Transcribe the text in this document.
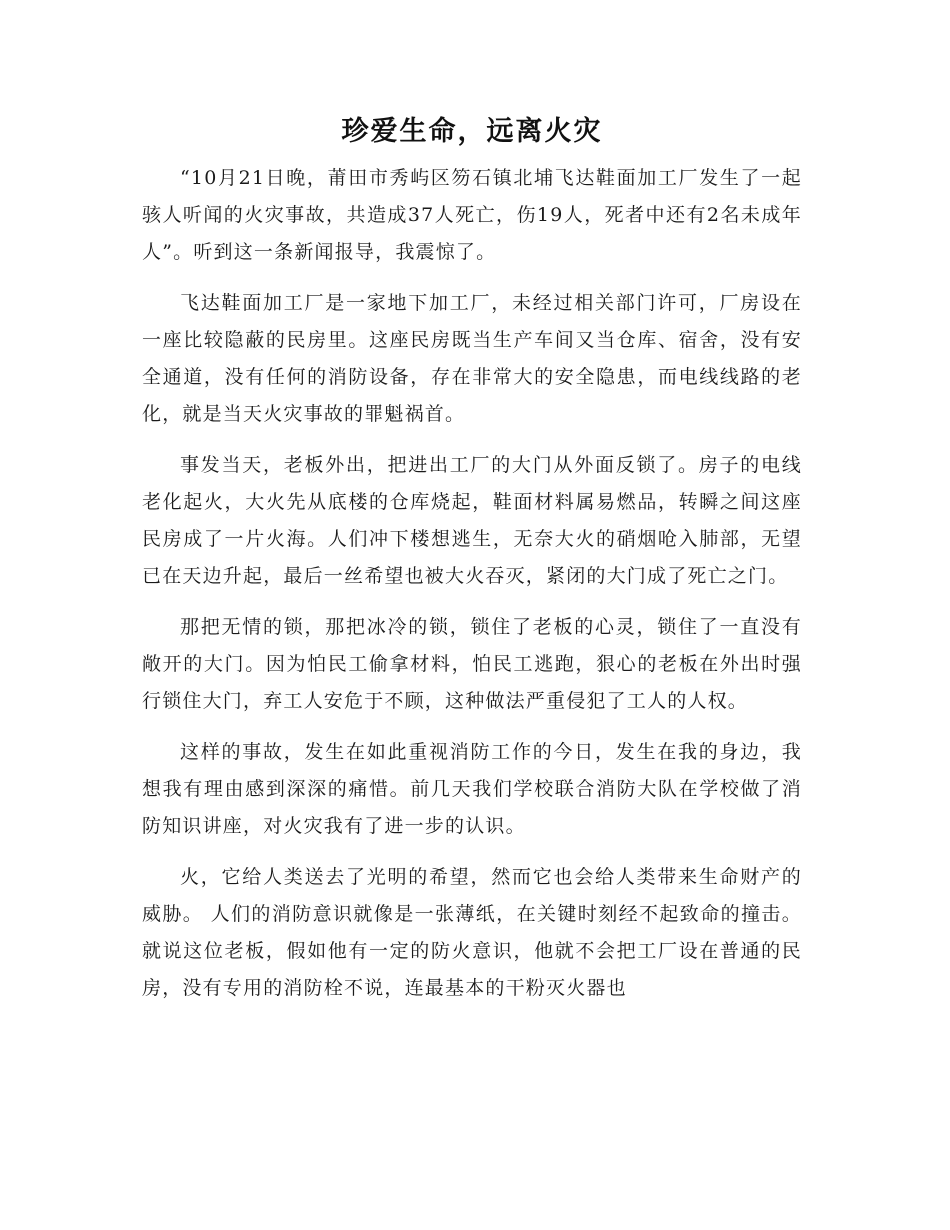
珍爱生命，远离火灾

“10月21日晚，莆田市秀屿区笏石镇北埔飞达鞋面加工厂发生了一起骇人听闻的火灾事故，共造成37人死亡，伤19人，死者中还有2名未成年人”。听到这一条新闻报导，我震惊了。

飞达鞋面加工厂是一家地下加工厂，未经过相关部门许可，厂房设在一座比较隐蔽的民房里。这座民房既当生产车间又当仓库、宿舍，没有安全通道，没有任何的消防设备，存在非常大的安全隐患，而电线线路的老化，就是当天火灾事故的罪魁祸首。

事发当天，老板外出，把进出工厂的大门从外面反锁了。房子的电线老化起火，大火先从底楼的仓库烧起，鞋面材料属易燃品，转瞬之间这座民房成了一片火海。人们冲下楼想逃生，无奈大火的硝烟呛入肺部，无望已在天边升起，最后一丝希望也被大火吞灭，紧闭的大门成了死亡之门。

那把无情的锁，那把冰冷的锁，锁住了老板的心灵，锁住了一直没有敞开的大门。因为怕民工偷拿材料，怕民工逃跑，狠心的老板在外出时强行锁住大门，弃工人安危于不顾，这种做法严重侵犯了工人的人权。

这样的事故，发生在如此重视消防工作的今日，发生在我的身边，我想我有理由感到深深的痛惜。前几天我们学校联合消防大队在学校做了消防知识讲座，对火灾我有了进一步的认识。

火，它给人类送去了光明的希望，然而它也会给人类带来生命财产的威胁。 人们的消防意识就像是一张薄纸，在关键时刻经不起致命的撞击。就说这位老板，假如他有一定的防火意识，他就不会把工厂设在普通的民房，没有专用的消防栓不说，连最基本的干粉灭火器也
